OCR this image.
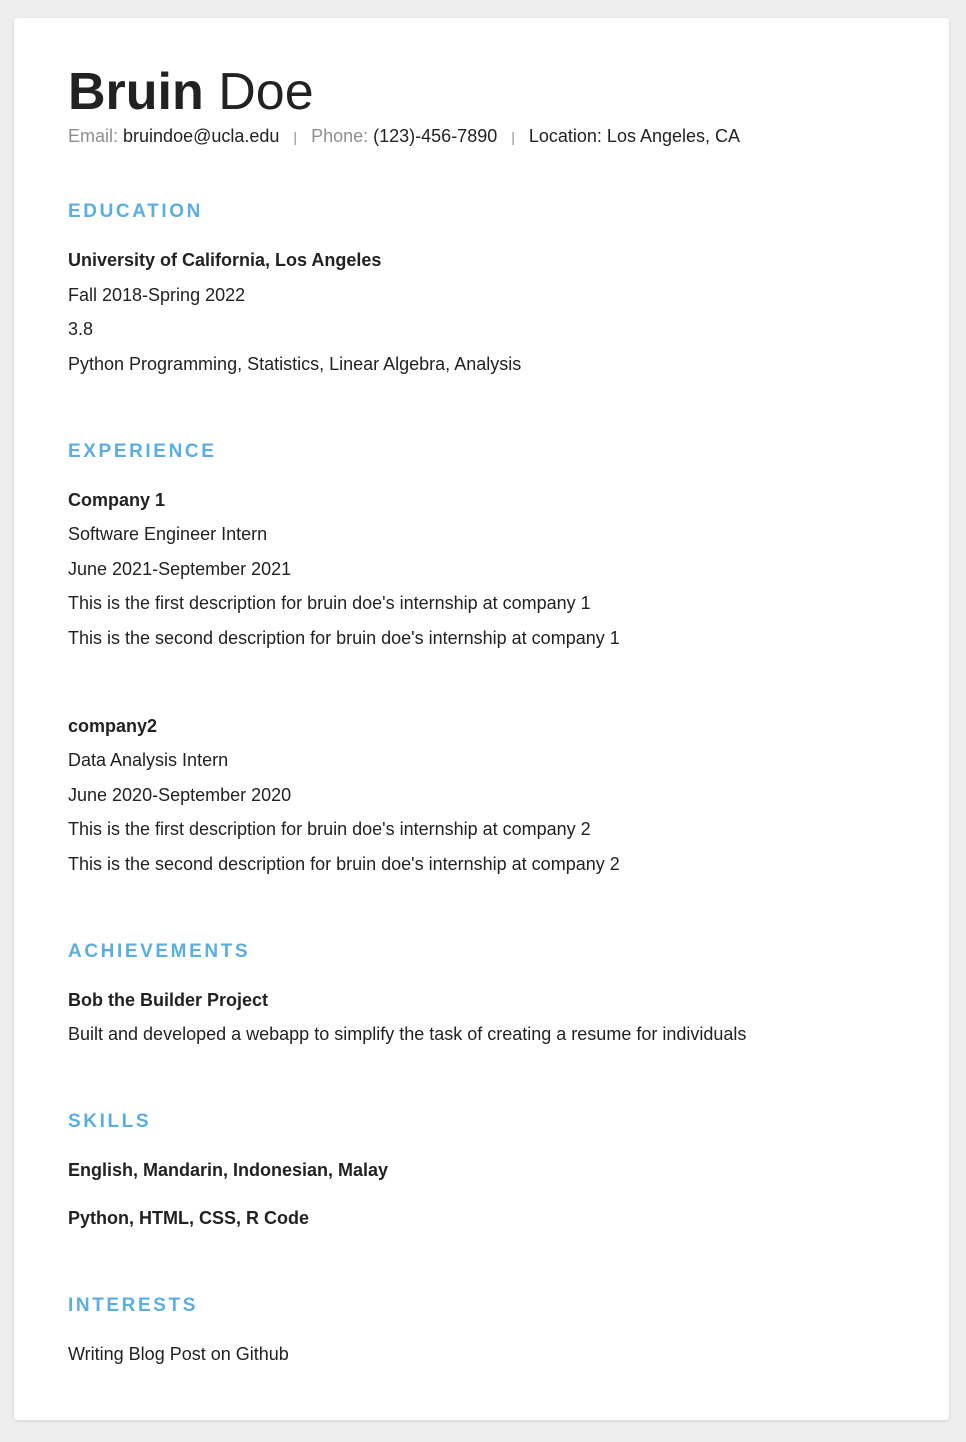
Bruin Doe
Email: bruindoe@ucla.edu | Phone: (123)-456-7890 | Location: Los Angeles, CA
EDUCATION

University of California, Los Angeles

Fall 2018-Spring 2022

3.8

Python Programming, Statistics, Linear Algebra, Analysis

EXPERIENCE

Company 1

Software Engineer Intern

June 2021-September 2021

This is the first description for bruin doe's internship at company 1

This is the second description for bruin doe's internship at company 1

company2

Data Analysis Intern

June 2020-September 2020

This is the first description for bruin doe's internship at company 2

This is the second description for bruin doe's internship at company 2

ACHIEVEMENTS

Bob the Builder Project

Built and developed a webapp to simplify the task of creating a resume for individuals

SKILLS

English, Mandarin, Indonesian, Malay

Python, HTML, CSS, R Code

INTERESTS

Writing Blog Post on Github
